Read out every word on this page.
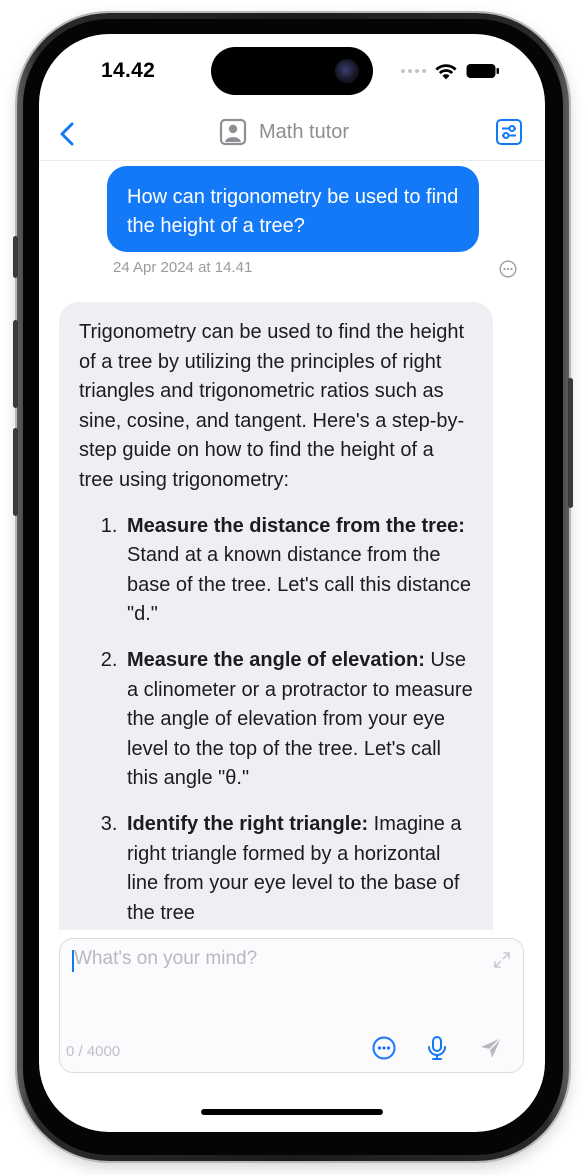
14.42
Math tutor
How can trigonometry be used to find the height of a tree?
24 Apr 2024 at 14.41

Trigonometry can be used to find the height of a tree by utilizing the principles of right triangles and trigonometric ratios such as sine, cosine, and tangent. Here's a step-by-step guide on how to find the height of a tree using trigonometry:

1. Measure the distance from the tree: Stand at a known distance from the base of the tree. Let's call this distance "d."
2. Measure the angle of elevation: Use a clinometer or a protractor to measure the angle of elevation from your eye level to the top of the tree. Let's call this angle "θ."
3. Identify the right triangle: Imagine a right triangle formed by a horizontal line from your eye level to the base of the tree
What's on your mind?
0 / 4000
